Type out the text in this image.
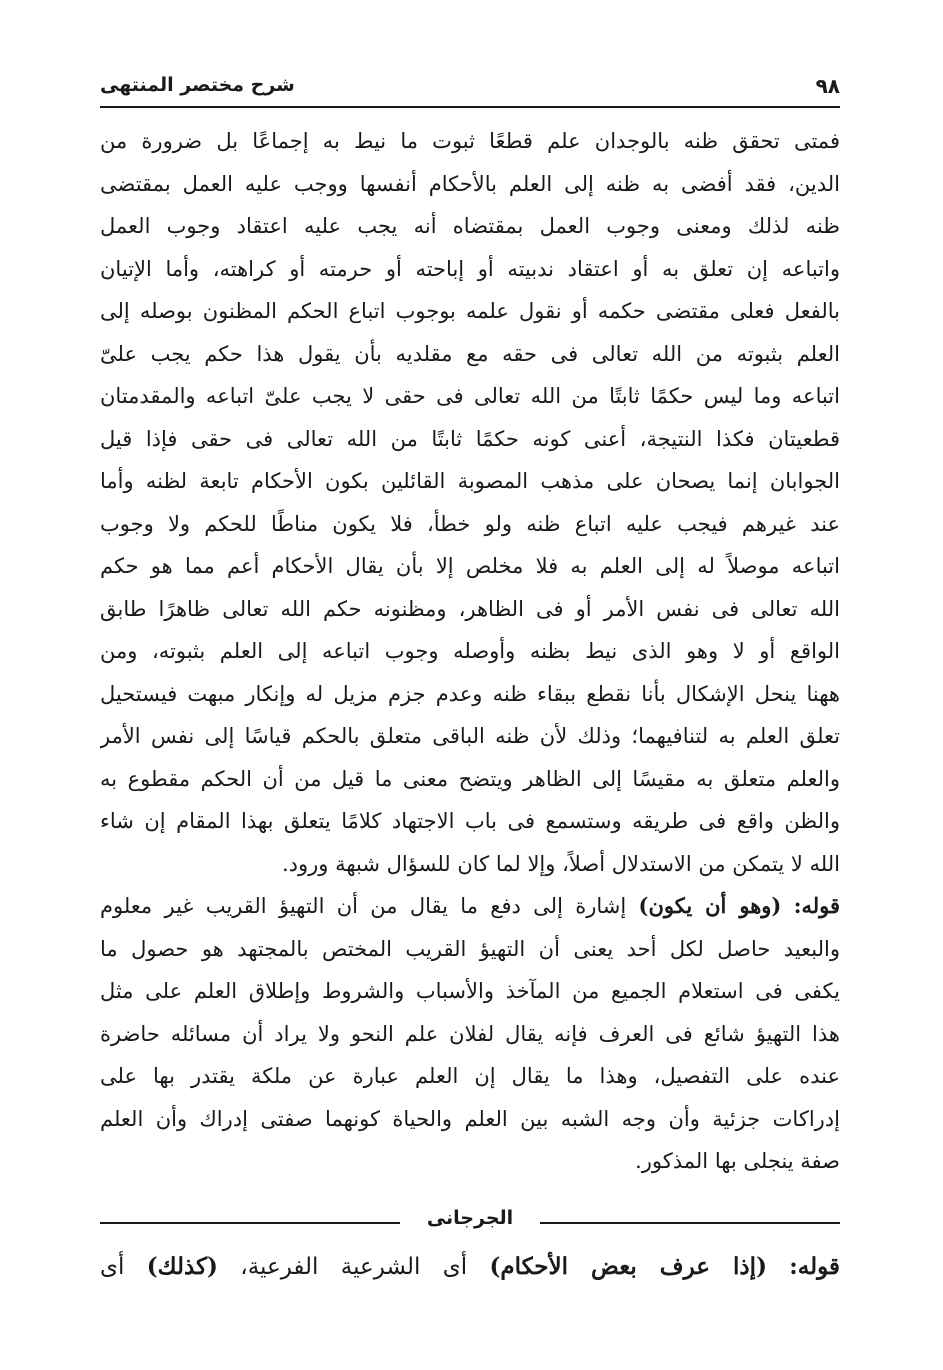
٩٨
شرح مختصر المنتهى
فمتى تحقق ظنه بالوجدان علم قطعًا ثبوت ما نيط به إجماعًا بل ضرورة من
الدين، فقد أفضى به ظنه إلى العلم بالأحكام أنفسها ووجب عليه العمل بمقتضى
ظنه لذلك ومعنى وجوب العمل بمقتضاه أنه يجب عليه اعتقاد وجوب العمل
واتباعه إن تعلق به أو اعتقاد ندبيته أو إباحته أو حرمته أو كراهته، وأما الإتيان
بالفعل فعلى مقتضى حكمه أو نقول علمه بوجوب اتباع الحكم المظنون بوصله إلى
العلم بثبوته من الله تعالى فى حقه مع مقلديه بأن يقول هذا حكم يجب علىّ
اتباعه وما ليس حكمًا ثابتًا من الله تعالى فى حقى لا يجب علىّ اتباعه والمقدمتان
قطعيتان فكذا النتيجة، أعنى كونه حكمًا ثابتًا من الله تعالى فى حقى فإذا قيل
الجوابان إنما يصحان على مذهب المصوبة القائلين بكون الأحكام تابعة لظنه وأما
عند غيرهم فيجب عليه اتباع ظنه ولو خطأ، فلا يكون مناطًا للحكم ولا وجوب
اتباعه موصلاً له إلى العلم به فلا مخلص إلا بأن يقال الأحكام أعم مما هو حكم
الله تعالى فى نفس الأمر أو فى الظاهر، ومظنونه حكم الله تعالى ظاهرًا طابق
الواقع أو لا وهو الذى نيط بظنه وأوصله وجوب اتباعه إلى العلم بثبوته، ومن
ههنا ينحل الإشكال بأنا نقطع ببقاء ظنه وعدم جزم مزيل له وإنكار مبهت فيستحيل
تعلق العلم به لتنافيهما؛ وذلك لأن ظنه الباقى متعلق بالحكم قياسًا إلى نفس الأمر
والعلم متعلق به مقيسًا إلى الظاهر ويتضح معنى ما قيل من أن الحكم مقطوع به
والظن واقع فى طريقه وستسمع فى باب الاجتهاد كلامًا يتعلق بهذا المقام إن شاء
الله لا يتمكن من الاستدلال أصلاً، وإلا لما كان للسؤال شبهة ورود.
قوله: (وهو أن يكون) إشارة إلى دفع ما يقال من أن التهيؤ القريب غير معلوم
والبعيد حاصل لكل أحد يعنى أن التهيؤ القريب المختص بالمجتهد هو حصول ما
يكفى فى استعلام الجميع من المآخذ والأسباب والشروط وإطلاق العلم على مثل
هذا التهيؤ شائع فى العرف فإنه يقال لفلان علم النحو ولا يراد أن مسائله حاضرة
عنده على التفصيل، وهذا ما يقال إن العلم عبارة عن ملكة يقتدر بها على
إدراكات جزئية وأن وجه الشبه بين العلم والحياة كونهما صفتى إدراك وأن العلم
صفة ينجلى بها المذكور.
الجرجانى
قوله: (إذا عرف بعض الأحكام) أى الشرعية الفرعية، (كذلك) أى
